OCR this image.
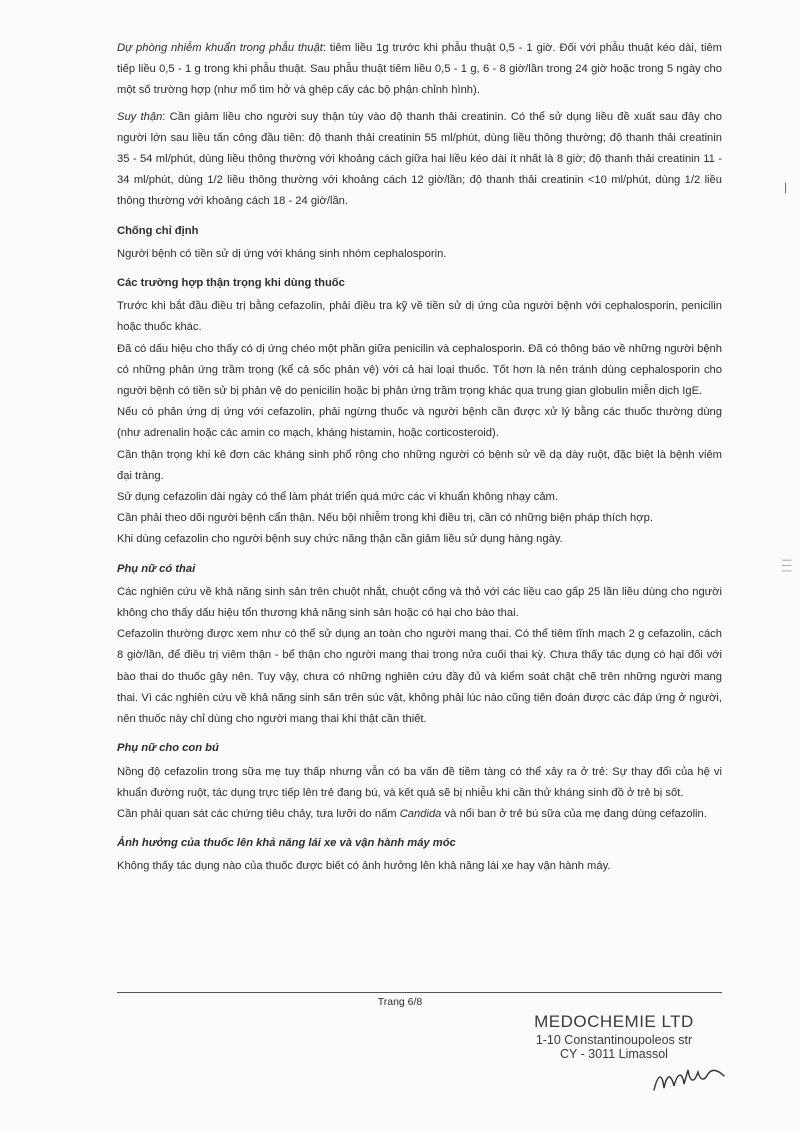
Dự phòng nhiễm khuẩn trong phẫu thuật: tiêm liều 1g trước khi phẫu thuật 0,5 - 1 giờ. Đối với phẫu thuật kéo dài, tiêm tiếp liều 0,5 - 1 g trong khi phẫu thuật. Sau phẫu thuật tiêm liều 0,5 - 1 g, 6 - 8 giờ/lần trong 24 giờ hoặc trong 5 ngày cho một số trường hợp (như mổ tim hở và ghép cấy các bộ phận chỉnh hình).

Suy thận: Cần giảm liều cho người suy thận tùy vào độ thanh thải creatinin. Có thể sử dụng liều đề xuất sau đây cho người lớn sau liều tấn công đầu tiên: độ thanh thải creatinin 55 ml/phút, dùng liều thông thường; độ thanh thải creatinin 35 - 54 ml/phút, dùng liều thông thường với khoảng cách giữa hai liều kéo dài ít nhất là 8 giờ; độ thanh thải creatinin 11 - 34 ml/phút, dùng 1/2 liều thông thường với khoảng cách 12 giờ/lần; độ thanh thải creatinin <10 ml/phút, dùng 1/2 liều thông thường với khoảng cách 18 - 24 giờ/lần.

Chống chỉ định

Người bệnh có tiền sử dị ứng với kháng sinh nhóm cephalosporin.

Các trường hợp thận trọng khi dùng thuốc

Trước khi bắt đầu điều trị bằng cefazolin, phải điều tra kỹ về tiền sử dị ứng của người bệnh với cephalosporin, penicilin hoặc thuốc khác.

Đã có dấu hiệu cho thấy có dị ứng chéo một phần giữa penicilin và cephalosporin. Đã có thông báo về những người bệnh có những phản ứng trầm trọng (kể cả sốc phản vệ) với cả hai loại thuốc. Tốt hơn là nên tránh dùng cephalosporin cho người bệnh có tiền sử bị phản vệ do penicilin hoặc bị phản ứng trầm trọng khác qua trung gian globulin miễn dịch IgE.

Nếu có phản ứng dị ứng với cefazolin, phải ngừng thuốc và người bệnh cần được xử lý bằng các thuốc thường dùng (như adrenalin hoặc các amin co mạch, kháng histamin, hoặc corticosteroid).

Cần thận trọng khi kê đơn các kháng sinh phổ rộng cho những người có bệnh sử về dạ dày ruột, đặc biệt là bệnh viêm đại tràng.

Sử dụng cefazolin dài ngày có thể làm phát triển quá mức các vi khuẩn không nhạy cảm.

Cần phải theo dõi người bệnh cẩn thận. Nếu bội nhiễm trong khi điều trị, cần có những biện pháp thích hợp.

Khi dùng cefazolin cho người bệnh suy chức năng thận cần giảm liều sử dụng hàng ngày.

Phụ nữ có thai

Các nghiên cứu về khả năng sinh sản trên chuột nhắt, chuột cống và thỏ với các liều cao gấp 25 lần liều dùng cho người không cho thấy dấu hiệu tổn thương khả năng sinh sản hoặc có hại cho bào thai.

Cefazolin thường được xem như có thể sử dụng an toàn cho người mang thai. Có thể tiêm tĩnh mạch 2 g cefazolin, cách 8 giờ/lần, để điều trị viêm thận - bể thận cho người mang thai trong nửa cuối thai kỳ. Chưa thấy tác dụng có hại đối với bào thai do thuốc gây nên. Tuy vậy, chưa có những nghiên cứu đầy đủ và kiểm soát chặt chẽ trên những người mang thai. Vì các nghiên cứu về khả năng sinh sản trên súc vật, không phải lúc nào cũng tiên đoán được các đáp ứng ở người, nên thuốc này chỉ dùng cho người mang thai khi thật cần thiết.

Phụ nữ cho con bú

Nồng độ cefazolin trong sữa mẹ tuy thấp nhưng vẫn có ba vấn đề tiềm tàng có thể xảy ra ở trẻ: Sự thay đổi của hệ vi khuẩn đường ruột, tác dụng trực tiếp lên trẻ đang bú, và kết quả sẽ bị nhiễu khi cần thử kháng sinh đồ ở trẻ bị sốt.

Cần phải quan sát các chứng tiêu chảy, tưa lưỡi do nấm Candida và nổi ban ở trẻ bú sữa của mẹ đang dùng cefazolin.

Ảnh hưởng của thuốc lên khả năng lái xe và vận hành máy móc

Không thấy tác dụng nào của thuốc được biết có ảnh hưởng lên khả năng lái xe hay vận hành máy.

Trang 6/8
MEDOCHEMIE LTD
1-10 Constantinoupoleos str
CY - 3011 Limassol
|
| | |
